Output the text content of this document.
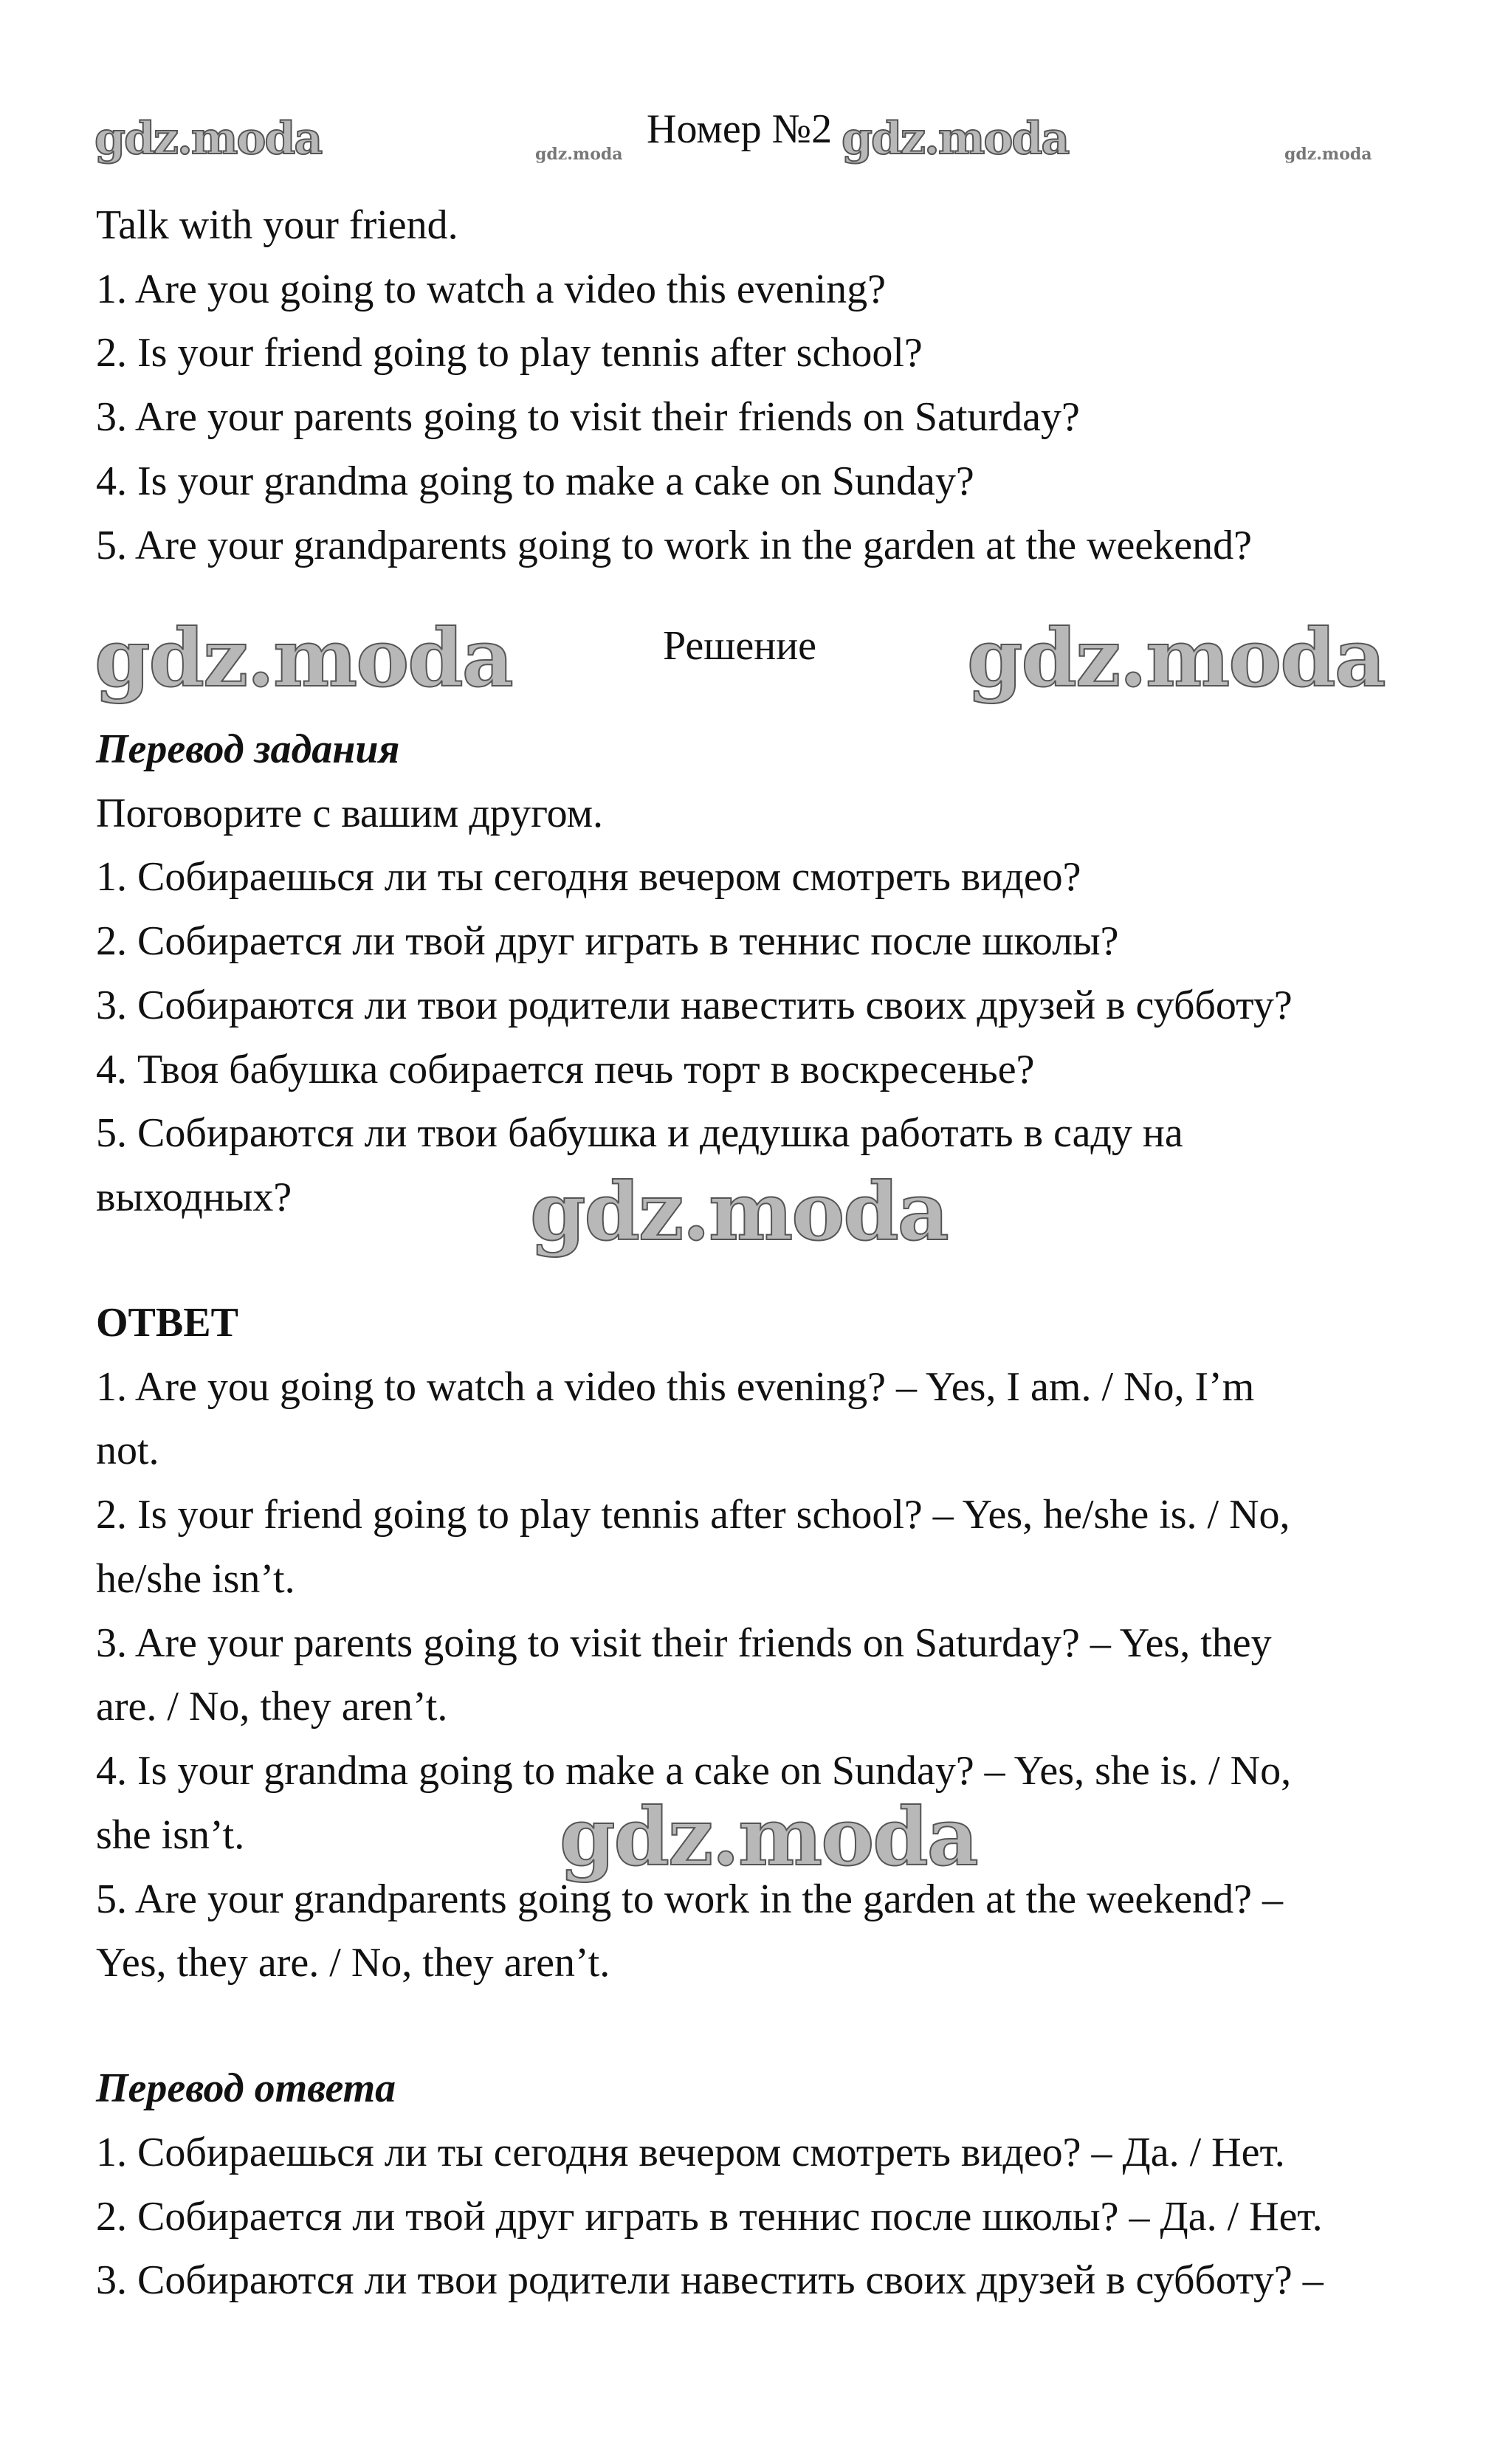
gdz.moda	gdz.moda
Номер №2 gdz.moda	gdz.moda
Talk with your friend.
1. Are you going to watch a video this evening?
2. Is your friend going to play tennis after school?
3. Are your parents going to visit their friends on Saturday?
4. Is your grandma going to make a cake on Sunday?
5. Are your grandparents going to work in the garden at the weekend?
gdz.moda	Решение gdz.moda
Перевод задания
Поговорите с вашим другом.
1. Собираешься ли ты сегодня вечером смотреть видео?
2. Собирается ли твой друг играть в теннис после школы?
3. Собираются ли твои родители навестить своих друзей в субботу?
4. Твоя бабушка собирается печь торт в воскресенье?
5. Собираются ли твои бабушка и дедушка работать в саду на
выходных?	gdz.moda
ОТВЕТ
1. Are you going to watch a video this evening? – Yes, I am. / No, I’m
not.
2. Is your friend going to play tennis after school? – Yes, he/she is. / No,
he/she isn’t.
3. Are your parents going to visit their friends on Saturday? – Yes, they
are. / No, they aren’t.
4. Is your grandma going to make a cake on Sunday? – Yes, she is. / No,
she isn’t.	gdz.moda
5. Are your grandparents going to work in the garden at the weekend? –
Yes, they are. / No, they aren’t.
Перевод ответа
1. Собираешься ли ты сегодня вечером смотреть видео? – Да. / Нет.
2. Собирается ли твой друг играть в теннис после школы? – Да. / Нет.
3. Собираются ли твои родители навестить своих друзей в субботу? –
